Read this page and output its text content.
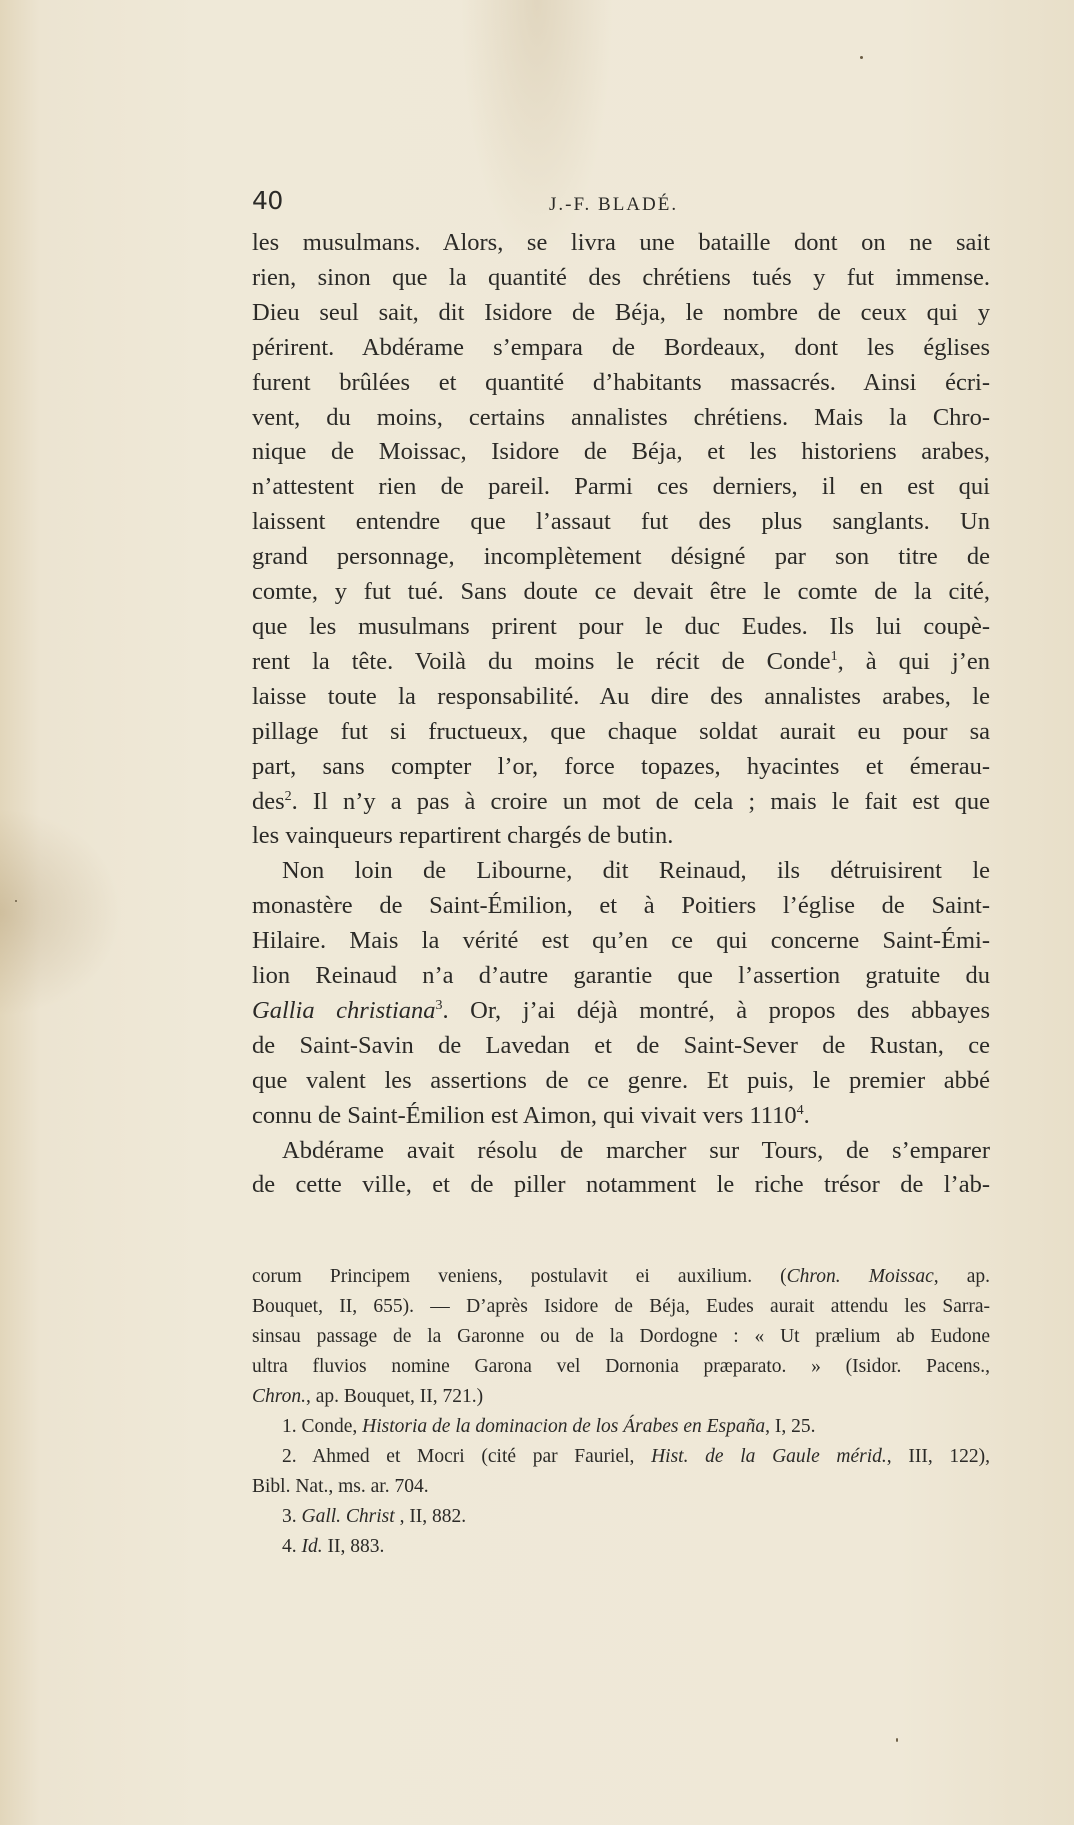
40	J.-F. BLADÉ.
les musulmans. Alors, se livra une bataille dont on ne sait
rien, sinon que la quantité des chrétiens tués y fut immense.
Dieu seul sait, dit Isidore de Béja, le nombre de ceux qui y
périrent. Abdérame s’empara de Bordeaux, dont les églises
furent brûlées et quantité d’habitants massacrés. Ainsi écri-
vent, du moins, certains annalistes chrétiens. Mais la Chro-
nique de Moissac, Isidore de Béja, et les historiens arabes,
n’attestent rien de pareil. Parmi ces derniers, il en est qui
laissent entendre que l’assaut fut des plus sanglants. Un
grand personnage, incomplètement désigné par son titre de
comte, y fut tué. Sans doute ce devait être le comte de la cité,
que les musulmans prirent pour le duc Eudes. Ils lui coupè-
rent la tête. Voilà du moins le récit de Conde$^1$, à qui j’en
laisse toute la responsabilité. Au dire des annalistes arabes, le
pillage fut si fructueux, que chaque soldat aurait eu pour sa
part, sans compter l’or, force topazes, hyacintes et émerau-
des$^2$. Il n’y a pas à croire un mot de cela ; mais le fait est que
les vainqueurs repartirent chargés de butin.
Non loin de Libourne, dit Reinaud, ils détruisirent le
monastère de Saint-Émilion, et à Poitiers l’église de Saint-
Hilaire. Mais la vérité est qu’en ce qui concerne Saint-Émi-
lion Reinaud n’a d’autre garantie que l’assertion gratuite du
Gallia christiana$^3$. Or, j’ai déjà montré, à propos des abbayes
de Saint-Savin de Lavedan et de Saint-Sever de Rustan, ce
que valent les assertions de ce genre. Et puis, le premier abbé
connu de Saint-Émilion est Aimon, qui vivait vers 1110$^4$.
Abdérame avait résolu de marcher sur Tours, de s’emparer
de cette ville, et de piller notamment le riche trésor de l’ab-
corum Principem veniens, postulavit ei auxilium. (Chron. Moissac, ap.
Bouquet, II, 655). — D’après Isidore de Béja, Eudes aurait attendu les Sarra-
sinsau passage de la Garonne ou de la Dordogne : « Ut prælium ab Eudone
ultra fluvios nomine Garona vel Dornonia præparato. » (Isidor. Pacens.,
Chron., ap. Bouquet, II, 721.)
1. Conde, Historia de la dominacion de los Árabes en España, I, 25.
2. Ahmed et Mocri (cité par Fauriel, Hist. de la Gaule mérid., III, 122),
Bibl. Nat., ms. ar. 704.
3. Gall. Christ , II, 882.
4. Id. II, 883.
